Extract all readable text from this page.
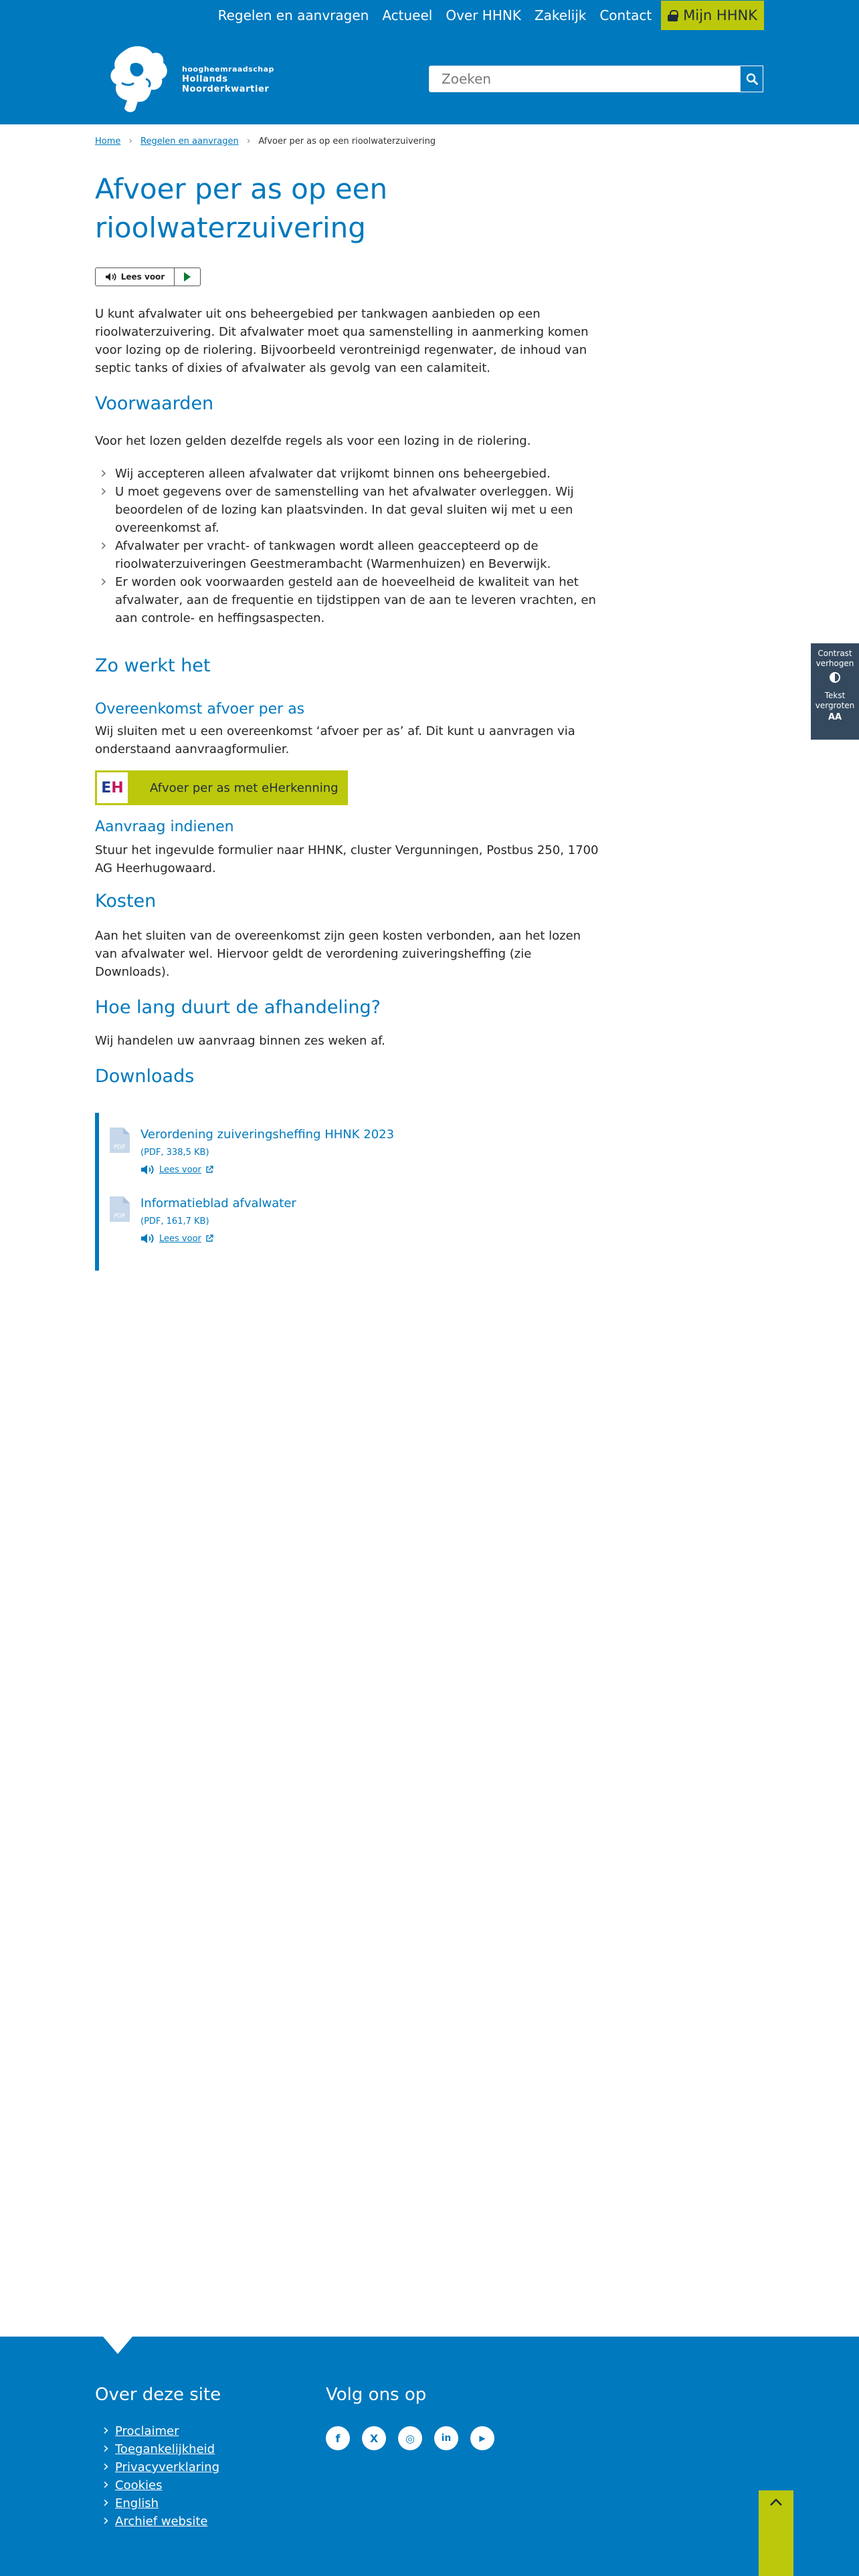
Regelen en aanvragen Actueel Over HHNK Zakelijk Contact Mijn HHNK
hoogheemraadschap
Hollands
Noorderkwartier
Zoeken
Home › Regelen en aanvragen › Afvoer per as op een rioolwaterzuivering
Afvoer per as op een rioolwaterzuivering
Lees voor

U kunt afvalwater uit ons beheergebied per tankwagen aanbieden op een rioolwaterzuivering. Dit afvalwater moet qua samenstelling in aanmerking komen voor lozing op de riolering. Bijvoorbeeld verontreinigd regenwater, de inhoud van septic tanks of dixies of afvalwater als gevolg van een calamiteit.

Voorwaarden

Voor het lozen gelden dezelfde regels als voor een lozing in de riolering.

› Wij accepteren alleen afvalwater dat vrijkomt binnen ons beheergebied.
› U moet gegevens over de samenstelling van het afvalwater overleggen. Wij beoordelen of de lozing kan plaatsvinden. In dat geval sluiten wij met u een overeenkomst af.
› Afvalwater per vracht- of tankwagen wordt alleen geaccepteerd op de rioolwaterzuiveringen Geestmerambacht (Warmenhuizen) en Beverwijk.
› Er worden ook voorwaarden gesteld aan de hoeveelheid de kwaliteit van het afvalwater, aan de frequentie en tijdstippen van de aan te leveren vrachten, en aan controle- en heffingsaspecten.
Zo werkt het
Overeenkomst afvoer per as

Wij sluiten met u een overeenkomst ‘afvoer per as’ af. Dit kunt u aanvragen via onderstaand aanvraagformulier.

E H	Afvoer per as met eHerkenning
Aanvraag indienen

Stuur het ingevulde formulier naar HHNK, cluster Vergunningen, Postbus 250, 1700 AG Heerhugowaard.

Kosten

Aan het sluiten van de overeenkomst zijn geen kosten verbonden, aan het lozen van afvalwater wel. Hiervoor geldt de verordening zuiveringsheffing (zie Downloads).

Hoe lang duurt de afhandeling?

Wij handelen uw aanvraag binnen zes weken af.

Downloads
PDF
Verordening zuiveringsheffing HHNK 2023
(PDF, 338,5 KB)
Lees voor
PDF
Informatieblad afvalwater
(PDF, 161,7 KB)
Lees voor
Contrast
verhogen
Tekst
vergroten
AA
Over deze site
› Proclaimer
› Toegankelijkheid
› Privacyverklaring
› Cookies
› English
› Archief website
Volg ons op
f	X	◎	in	▶
